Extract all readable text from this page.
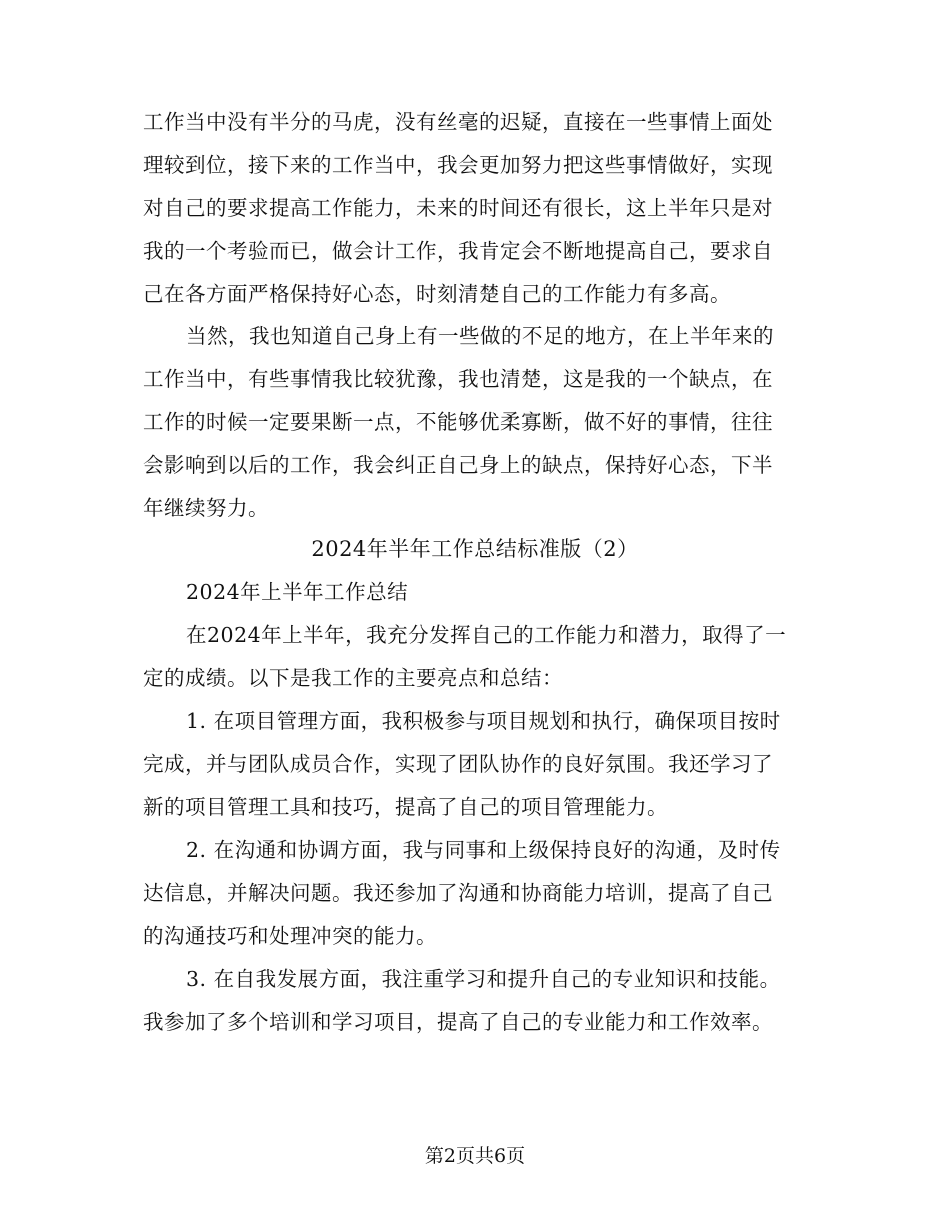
工作当中没有半分的马虎，没有丝毫的迟疑，直接在一些事情上面处
理较到位，接下来的工作当中，我会更加努力把这些事情做好，实现
对自己的要求提高工作能力，未来的时间还有很长，这上半年只是对
我的一个考验而已，做会计工作，我肯定会不断地提高自己，要求自
己在各方面严格保持好心态，时刻清楚自己的工作能力有多高。
当然，我也知道自己身上有一些做的不足的地方，在上半年来的
工作当中，有些事情我比较犹豫，我也清楚，这是我的一个缺点，在
工作的时候一定要果断一点，不能够优柔寡断，做不好的事情，往往
会影响到以后的工作，我会纠正自己身上的缺点，保持好心态，下半
年继续努力。
2024年半年工作总结标准版（2）
2024年上半年工作总结
在2024年上半年，我充分发挥自己的工作能力和潜力，取得了一
定的成绩。以下是我工作的主要亮点和总结：
1. 在项目管理方面，我积极参与项目规划和执行，确保项目按时
完成，并与团队成员合作，实现了团队协作的良好氛围。我还学习了
新的项目管理工具和技巧，提高了自己的项目管理能力。
2. 在沟通和协调方面，我与同事和上级保持良好的沟通，及时传
达信息，并解决问题。我还参加了沟通和协商能力培训，提高了自己
的沟通技巧和处理冲突的能力。
3. 在自我发展方面，我注重学习和提升自己的专业知识和技能。
我参加了多个培训和学习项目，提高了自己的专业能力和工作效率。
第2页共6页
